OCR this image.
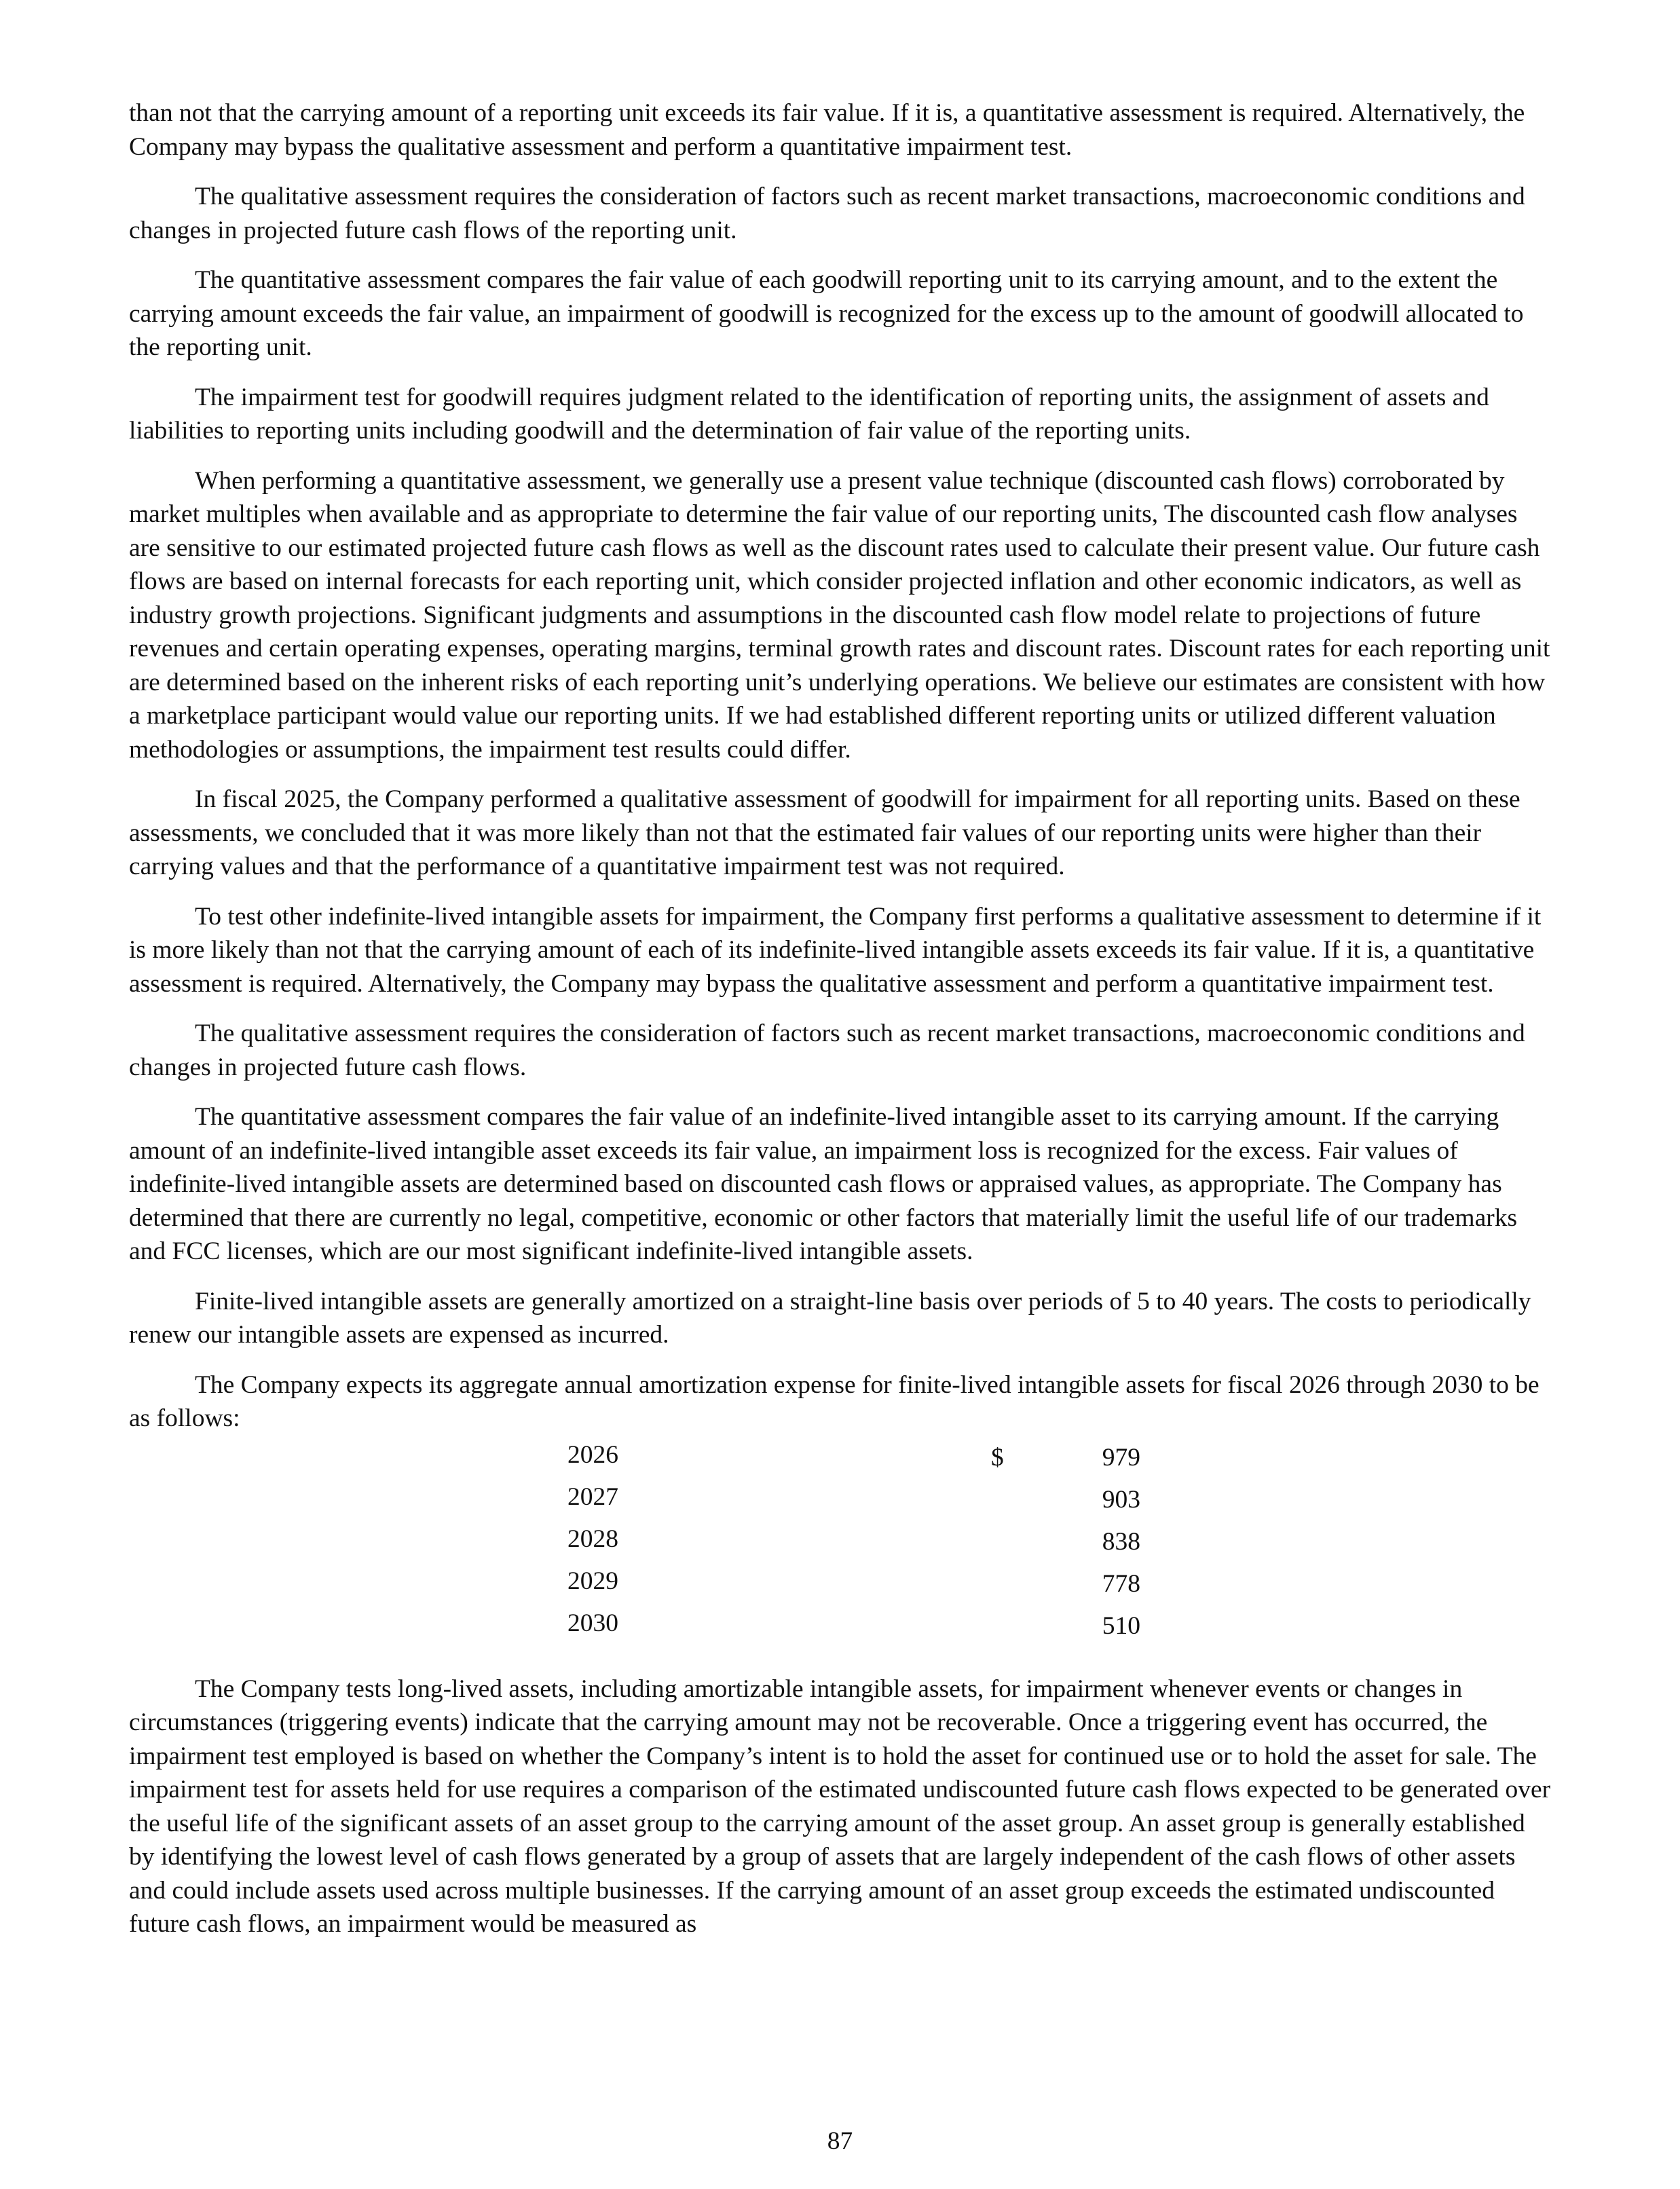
than not that the carrying amount of a reporting unit exceeds its fair value. If it is, a quantitative assessment is required. Alternatively, the Company may bypass the qualitative assessment and perform a quantitative impairment test.

The qualitative assessment requires the consideration of factors such as recent market transactions, macroeconomic conditions and changes in projected future cash flows of the reporting unit.

The quantitative assessment compares the fair value of each goodwill reporting unit to its carrying amount, and to the extent the carrying amount exceeds the fair value, an impairment of goodwill is recognized for the excess up to the amount of goodwill allocated to the reporting unit.

The impairment test for goodwill requires judgment related to the identification of reporting units, the assignment of assets and liabilities to reporting units including goodwill and the determination of fair value of the reporting units.

When performing a quantitative assessment, we generally use a present value technique (discounted cash flows) corroborated by market multiples when available and as appropriate to determine the fair value of our reporting units, The discounted cash flow analyses are sensitive to our estimated projected future cash flows as well as the discount rates used to calculate their present value. Our future cash flows are based on internal forecasts for each reporting unit, which consider projected inflation and other economic indicators, as well as industry growth projections. Significant judgments and assumptions in the discounted cash flow model relate to projections of future revenues and certain operating expenses, operating margins, terminal growth rates and discount rates. Discount rates for each reporting unit are determined based on the inherent risks of each reporting unit’s underlying operations. We believe our estimates are consistent with how a marketplace participant would value our reporting units. If we had established different reporting units or utilized different valuation methodologies or assumptions, the impairment test results could differ.

In fiscal 2025, the Company performed a qualitative assessment of goodwill for impairment for all reporting units. Based on these assessments, we concluded that it was more likely than not that the estimated fair values of our reporting units were higher than their carrying values and that the performance of a quantitative impairment test was not required.

To test other indefinite-lived intangible assets for impairment, the Company first performs a qualitative assessment to determine if it is more likely than not that the carrying amount of each of its indefinite-lived intangible assets exceeds its fair value. If it is, a quantitative assessment is required. Alternatively, the Company may bypass the qualitative assessment and perform a quantitative impairment test.

The qualitative assessment requires the consideration of factors such as recent market transactions, macroeconomic conditions and changes in projected future cash flows.

The quantitative assessment compares the fair value of an indefinite-lived intangible asset to its carrying amount. If the carrying amount of an indefinite-lived intangible asset exceeds its fair value, an impairment loss is recognized for the excess. Fair values of indefinite-lived intangible assets are determined based on discounted cash flows or appraised values, as appropriate. The Company has determined that there are currently no legal, competitive, economic or other factors that materially limit the useful life of our trademarks and FCC licenses, which are our most significant indefinite-lived intangible assets.

Finite-lived intangible assets are generally amortized on a straight-line basis over periods of 5 to 40 years. The costs to periodically renew our intangible assets are expensed as incurred.

The Company expects its aggregate annual amortization expense for finite-lived intangible assets for fiscal 2026 through 2030 to be as follows:

2026	$	979
2027	903
2028	838
2029	778
2030	510

The Company tests long-lived assets, including amortizable intangible assets, for impairment whenever events or changes in circumstances (triggering events) indicate that the carrying amount may not be recoverable. Once a triggering event has occurred, the impairment test employed is based on whether the Company’s intent is to hold the asset for continued use or to hold the asset for sale. The impairment test for assets held for use requires a comparison of the estimated undiscounted future cash flows expected to be generated over the useful life of the significant assets of an asset group to the carrying amount of the asset group. An asset group is generally established by identifying the lowest level of cash flows generated by a group of assets that are largely independent of the cash flows of other assets and could include assets used across multiple businesses. If the carrying amount of an asset group exceeds the estimated undiscounted future cash flows, an impairment would be measured as

87
